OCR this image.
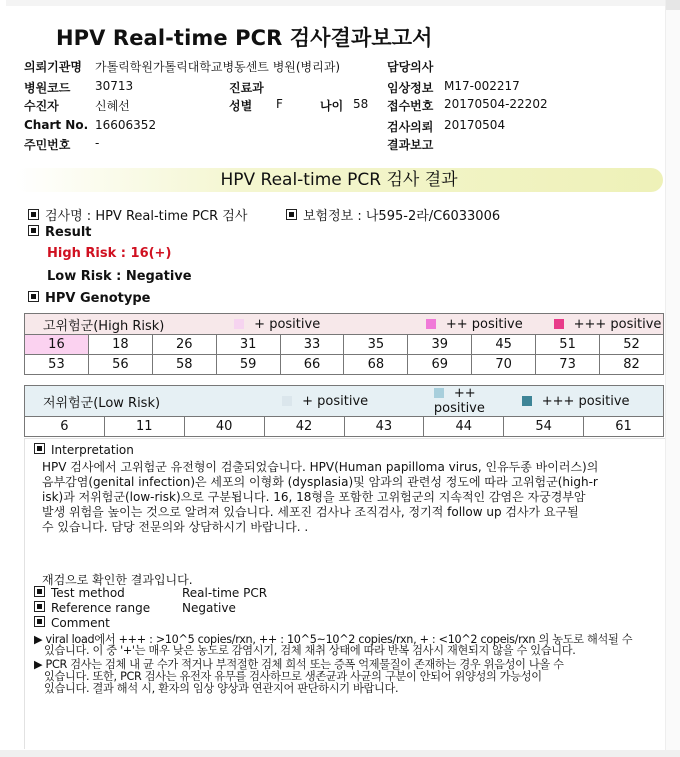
HPV Real-time PCR 검사결과보고서
의뢰기관명 가톨릭학원가톨릭대학교병동센트 병원(병리과)
병원코드 30713
수진자	신혜선
Chart No. 16606352
주민번호 -
진료과
성별 F	나이 58
담당의사
임상정보 M17-002217
접수번호 20170504-22202
검사의뢰 20170504
결과보고
HPV Real-time PCR 검사 결과
검사명 : HPV Real-time PCR 검사	보험정보 : 나595-2라/C6033006
Result
High Risk : 16(+)
Low Risk : Negative
HPV Genotype
고위험군(High Risk)			+ positive			++ positive		+++ positive	
16	18	26	31	33	35	39	45	51	52
53	56	58	59	66	68	69	70	73	82
저위험군(Low Risk)			+ positive		++ positive	+++ positive	
6	11	40	42	43	44	54	61
Interpretation
HPV 검사에서 고위험군 유전형이 검출되었습니다. HPV(Human papilloma virus, 인유두종 바이러스)의
음부감염(genital infection)은 세포의 이형화 (dysplasia)및 암과의 관련성 정도에 따라 고위험군(high-r
isk)과 저위험군(low-risk)으로 구분됩니다. 16, 18형을 포함한 고위험군의 지속적인 감염은 자궁경부암
발생 위험을 높이는 것으로 알려져 있습니다. 세포진 검사나 조직검사, 정기적 follow up 검사가 요구될
수 있습니다. 담당 전문의와 상담하시기 바랍니다. .
재검으로 확인한 결과입니다.
Test method	Real-time PCR
Reference range	Negative
Comment
▶ viral load에서 +++ : >10^5 copies/rxn, ++ : 10^5~10^2 copies/rxn, + : <10^2 copeis/rxn 의 농도로 해석될 수
있습니다. 이 중 '+'는 매우 낮은 농도로 감염시기, 검체 채취 상태에 따라 반복 검사시 재현되지 않을 수 있습니다.
▶ PCR 검사는 검체 내 균 수가 적거나 부적절한 검체 희석 또는 증폭 억제물질이 존재하는 경우 위음성이 나올 수
있습니다. 또한, PCR 검사는 유전자 유무를 검사하므로 생존균과 사균의 구분이 안되어 위양성의 가능성이
있습니다. 결과 해석 시, 환자의 임상 양상과 연관지어 판단하시기 바랍니다.
